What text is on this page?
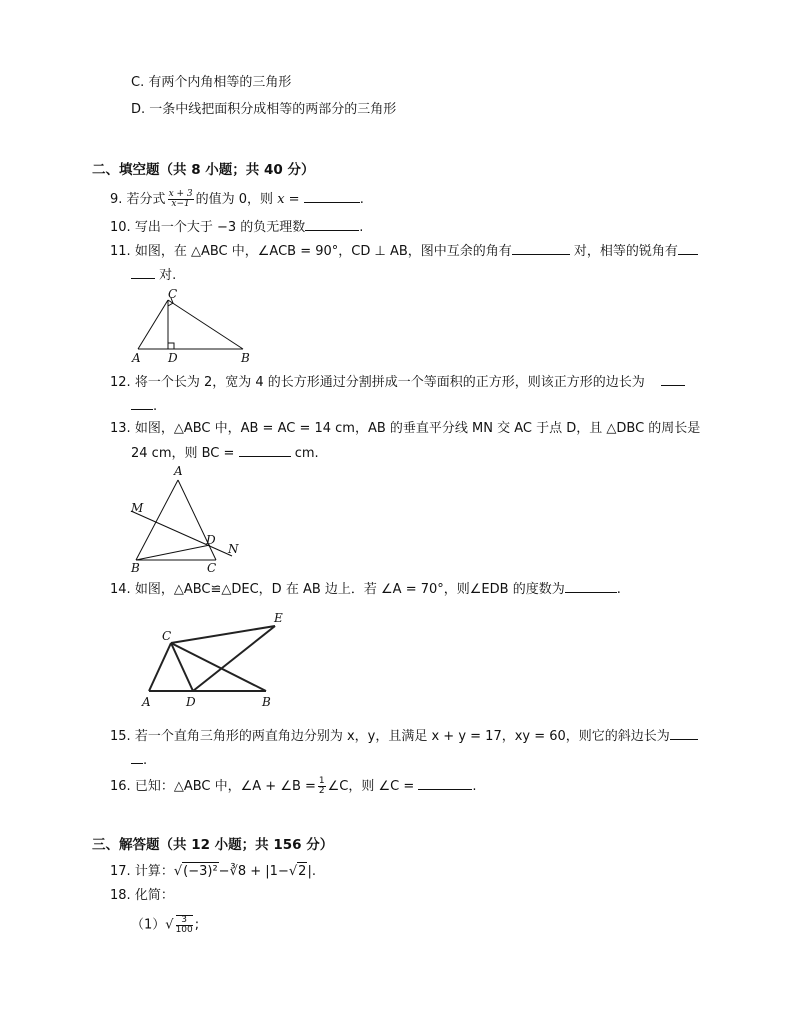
C. 有两个内角相等的三角形
D. 一条中线把面积分成相等的两部分的三角形
二、填空题（共 8 小题；共 40 分）
9. 若分式 $\frac{x + 3}{x-1}$ 的值为 0，则 x =	.
10. 写出一个大于 −3 的负无理数	.
11. 如图，在 △ABC 中，∠ACB = 90°，CD ⊥ AB，图中互余的角有	对，相等的锐角有
对.
A D	B
C
12. 将一个长为 2，宽为 4 的长方形通过分割拼成一个等面积的正方形，则该正方形的边长为
.
13. 如图，△ABC 中，AB = AC = 14 cm，AB 的垂直平分线 MN 交 AC 于点 D，且 △DBC 的周长是
24 cm，则 BC =	cm.
A
B	C
D
M
N
14. 如图，△ABC≌△DEC，D 在 AB 边上．若 ∠A = 70°，则∠EDB 的度数为	.
A	D	B
C
E
15. 若一个直角三角形的两直角边分别为 x，y，且满足 x + y = 17，xy = 60，则它的斜边长为
.
16. 已知：△ABC 中，∠A + ∠B = $\frac{1}{2}$ ∠C，则 ∠C =	.
三、解答题（共 12 小题；共 156 分）
17. 计算：√(−3)²−∛8 + |1−√2|.
18. 化简：
$(1)√ \frac{3}{100}$ ;
